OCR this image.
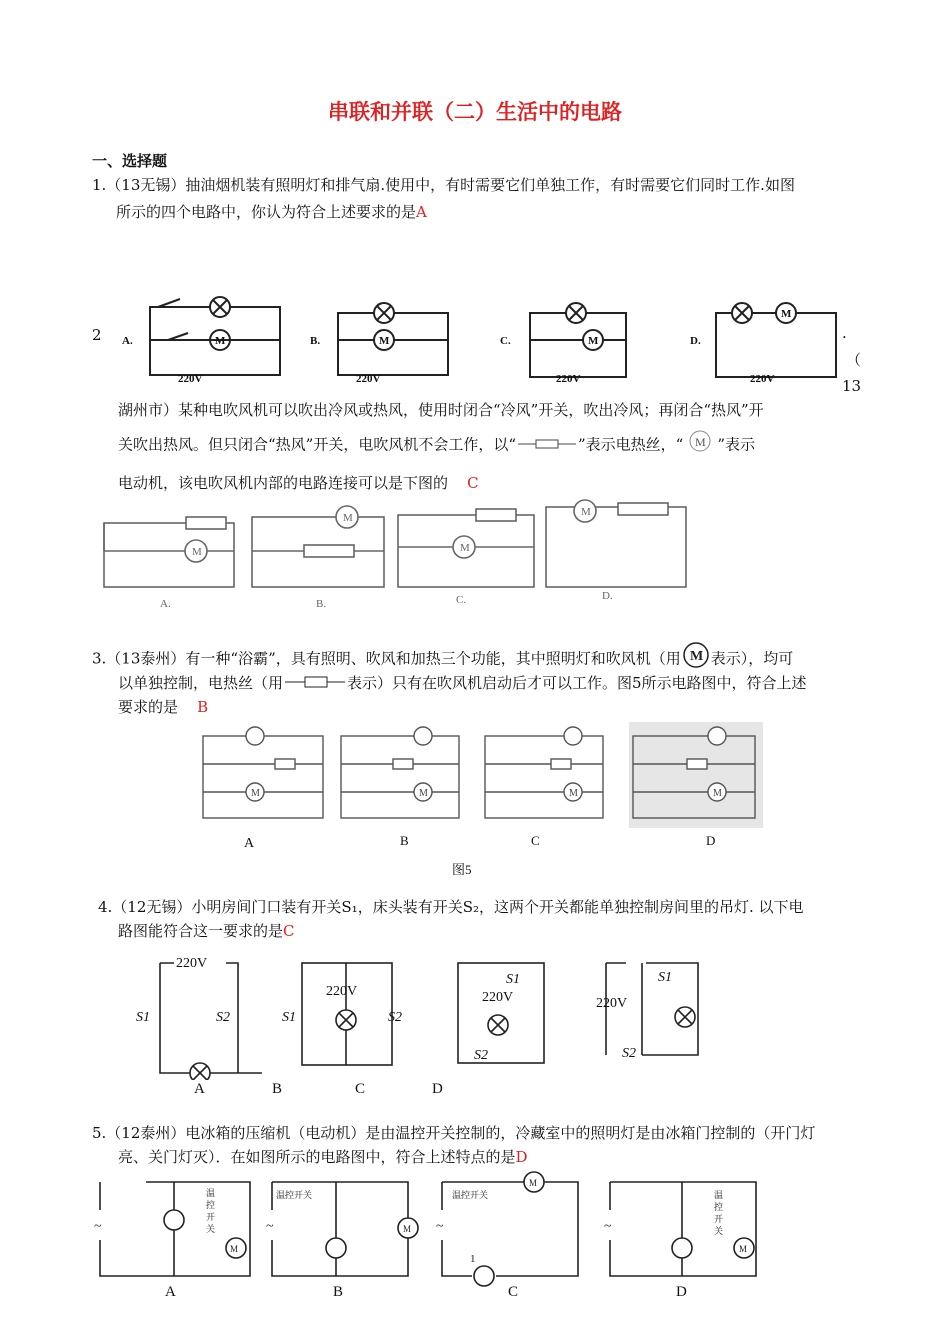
串联和并联（二）生活中的电路
一、选择题
1.（13无锡）抽油烟机装有照明灯和排气扇.使用中，有时需要它们单独工作，有时需要它们同时工作.如图
所示的四个电路中，你认为符合上述要求的是A
M	M	M
M
220V	220V	220V	220V
A.	B.	C.	D.
2	.
（
13
湖州市）某种电吹风机可以吹出冷风或热风，使用时闭合“冷风”开关，吹出冷风；再闭合“热风”开
关吹出热风。但只闭合“热风”开关，电吹风机不会工作，以“	”表示电热丝，“ M ”表示
电动机，该电吹风机内部的电路连接可以是下图的 C
M
M
M
M
A.	B.	C.	D.
3.（13泰州）有一种“浴霸”，具有照明、吹风和加热三个功能，其中照明灯和吹风机（用 M 表示），均可
以单独控制，电热丝（用	表示）只有在吹风机启动后才可以工作。图5所示电路图中，符合上述
要求的是 B
M	M	M	M
A	B	C	D
图5
4.（12无锡）小明房间门口装有开关S₁，床头装有开关S₂，这两个开关都能单独控制房间里的吊灯. 以下电
路图能符合这一要求的是C
220V
220V	220V	220V
S1	S2	S1	S2
S1
S2
S1
S2
A	B	C	D
5.（12泰州）电冰箱的压缩机（电动机）是由温控开关控制的，冷藏室中的照明灯是由冰箱门控制的（开门灯
亮、关门灯灭）．在如图所示的电路图中，符合上述特点的是D
M
M
M
M
温控开关	温控开关
1
~	~	~	~
温
控
开
关
温
控
开
关
A	B	C	D
